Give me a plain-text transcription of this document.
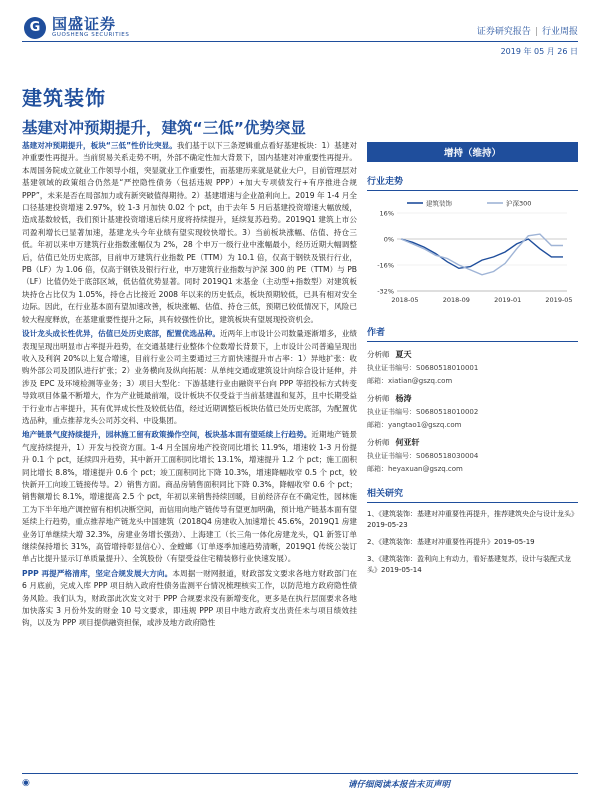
G 国盛证券
GUOSHENG SECURITIES	证券研究报告 | 行业周报
2019 年 05 月 26 日
建筑装饰
基建对冲预期提升，建筑“三低”优势突显

基建对冲预期提升，板块“三低”性价比突显。我们基于以下三条逻辑重点看好基建板块：1）基建对冲重要性再提升。当前贸易关系走势不明，外部不确定性加大背景下，国内基建对冲重要性再提升。本周国务院成立就业工作领导小组，突显就业工作重要性，而基建历来就是就业大户，目前管理层对基建领域的政策组合仍然是“严控隐性债务（包括违规 PPP）+加大专项债发行+有序推进合规 PPP”，未来是否在局部加力或有新突破值得期待。2）基建增速与企业盈利向上。2019 年 1-4 月全口径基建投资增速 2.97%，较 1-3 月加快 0.02 个 pct，由于去年 5 月后基建投资增速大幅放缓，造成基数较低，我们预计基建投资增速后续月度将持续提升，延续复苏趋势。2019Q1 建筑上市公司盈利增长已显著加速，基建龙头今年业绩有望实现较快增长。3）当前板块涨幅、估值、持仓三低。年初以来申万建筑行业指数涨幅仅为 2%，28 个申万一级行业中涨幅最小，经历近期大幅调整后，估值已处历史底部，目前申万建筑行业指数 PE（TTM）为 10.1 倍，仅高于钢铁及银行行业，PB（LF）为 1.06 倍，仅高于钢铁及银行行业，申万建筑行业指数与沪深 300 的 PE（TTM）与 PB（LF）比值仍处于底部区域，低估值优势显著。同时 2019Q1 末基金（主动型+指数型）对建筑板块持仓占比仅为 1.05%，持仓占比接近 2008 年以来的历史低点，板块预期较低，已具有相对安全边际。因此，在行业基本面有望加速改善，板块涨幅、估值、持仓三低，预期已较低情况下，风险已较大程度释放，在基建重要性提升之际，具有较强性价比，建筑板块有望展现投资机会。

设计龙头成长性优异，估值已处历史底部，配置优选品种。近两年上市设计公司数量逐渐增多，业绩表现呈现出明显市占率提升趋势，在交通基建行业整体个位数增长背景下，上市设计公司普遍呈现出收入及利润 20%以上复合增速，目前行业公司主要通过三方面快速提升市占率：1）异地扩张：收购外部公司及团队进行扩张；2）业务横向及纵向拓展：从单纯交通或建筑设计向综合设计延伸，并涉及 EPC 及环境检测等业务；3）项目大型化：下游基建行业由融资平台向 PPP 等招投标方式转变导致项目体量不断增大，作为产业链最前端，设计板块不仅受益于当前基建温和复苏，且中长期受益于行业市占率提升，其有优异成长性及较低估值，经过近期调整后板块估值已处历史底部，为配置优选品种，重点推荐龙头公司苏交科、中设集团。

地产链景气度持续提升，园林施工留有政策操作空间，板块基本面有望延续上行趋势。近期地产链景气度持续提升，1）开发与投资方面。1-4 月全国房地产投资同比增长 11.9%，增速较 1-3 月份提升 0.1 个 pct，延续四升趋势，其中新开工面积同比增长 13.1%，增速提升 1.2 个 pct；施工面积同比增长 8.8%，增速提升 0.6 个 pct；竣工面积同比下降 10.3%，增速降幅收窄 0.5 个 pct，较快新开工向竣工链接传导。2）销售方面。商品房销售面积同比下降 0.3%，降幅收窄 0.6 个 pct；销售额增长 8.1%，增速提高 2.5 个 pct，年初以来销售持续回暖，目前经济存在不确定性，园林施工为下半年地产调控留有相机决断空间，而信用向地产链传导有望更加明确，预计地产链基本面有望延续上行趋势，重点推荐地产链龙头中国建筑（2018Q4 房建收入加速增长 45.6%，2019Q1 房建业务订单继续大增 32.3%，房建业务增长强劲）、上海建工（长三角一体化房建龙头，Q1 新签订单继续保持增长 31%，高管增持彰显信心）、金螳螂（订单逐季加速趋势清晰，2019Q1 传统公装订单占比提升显示订单质量提升）、全筑股份（有望受益住宅精装修行业快速发展）。

PPP 再提严格清库，坚定合规发展大方向。本周据一财网报道，财政部发文要求各地方财政部门在 6 月底前，完成入库 PPP 项目纳入政府性债务监测平台情况梳理核实工作，以防范地方政府隐性债务风险。我们认为，财政部此次发文对于 PPP 合规要求没有新增变化，更多是在执行层面要求各地加快落实 3 月份外发的财金 10 号文要求，即违规 PPP 项目中地方政府支出责任未与项目绩效挂钩，以及为 PPP 项目提供融资担保，或涉及地方政府隐性

增持（维持）
行业走势
16%
0%
-16%
-32%
2018-05	2018-09	2019-01	2019-05
建筑装饰	沪深300
作者
分析师 夏天
执业证书编号：S0680518010001
邮箱：xiatian@gszq.com
分析师 杨涛
执业证书编号：S0680518010002
邮箱：yangtao1@gszq.com
分析师 何亚轩
执业证书编号：S0680518030004
邮箱：heyaxuan@gszq.com
相关研究
1、《建筑装饰：基建对冲重要性再提升，推荐建筑央企与设计龙头》2019-05-23
2、《建筑装饰：基建对冲重要性再提升》2019-05-19
3、《建筑装饰：盈利向上有动力，看好基建复苏，设计与装配式龙头》2019-05-14
◉	请仔细阅读本报告末页声明
